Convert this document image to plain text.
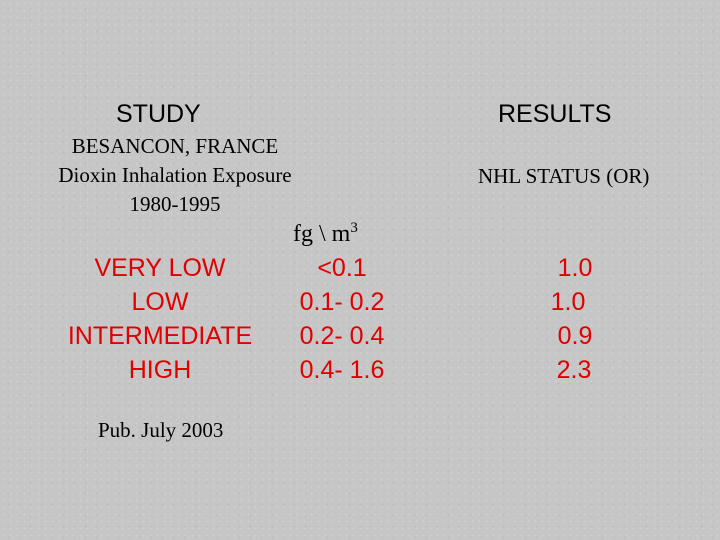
STUDY	RESULTS
BESANCON, FRANCE
Dioxin Inhalation Exposure
1980-1995
NHL STATUS (OR)
fg \ $m^3$
VERY LOW	<0.1	1.0
LOW	0.1- 0.2	1.0
INTERMEDIATE	0.2- 0.4	0.9
HIGH	0.4- 1.6	2.3
Pub. July 2003
